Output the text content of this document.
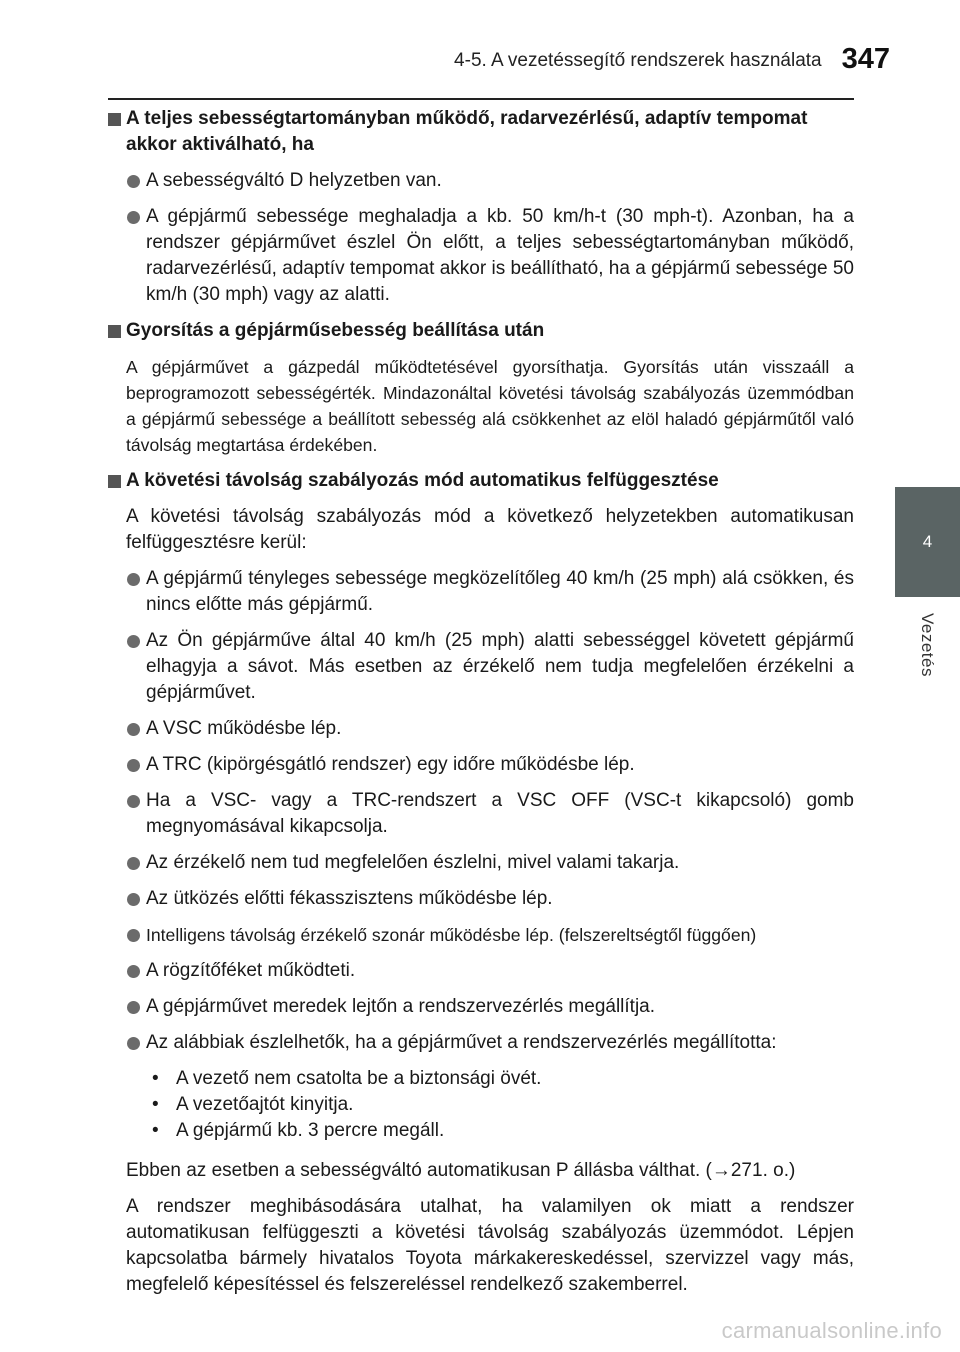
4-5. A vezetéssegítő rendszerek használata 347
4
Vezetés
A teljes sebességtartományban működő, radarvezérlésű, adaptív tempomat akkor aktiválható, ha
A sebességváltó D helyzetben van.
A gépjármű sebessége meghaladja a kb. 50 km/h-t (30 mph-t). Azonban, ha a rendszer gépjárművet észlel Ön előtt, a teljes sebességtartományban működő, radarvezérlésű, adaptív tempomat akkor is beállítható, ha a gépjármű sebessége 50 km/h (30 mph) vagy az alatti.
Gyorsítás a gépjárműsebesség beállítása után
A gépjárművet a gázpedál működtetésével gyorsíthatja. Gyorsítás után visszaáll a beprogramozott sebességérték. Mindazonáltal követési távolság szabályozás üzemmódban a gépjármű sebessége a beállított sebesség alá csökkenhet az elöl haladó gépjárműtől való távolság megtartása érdekében.
A követési távolság szabályozás mód automatikus felfüggesztése
A követési távolság szabályozás mód a következő helyzetekben automatikusan felfüggesztésre kerül:
A gépjármű tényleges sebessége megközelítőleg 40 km/h (25 mph) alá csökken, és nincs előtte más gépjármű.
Az Ön gépjárműve által 40 km/h (25 mph) alatti sebességgel követett gépjármű elhagyja a sávot. Más esetben az érzékelő nem tudja megfelelően érzékelni a gépjárművet.
A VSC működésbe lép.
A TRC (kipörgésgátló rendszer) egy időre működésbe lép.
Ha a VSC- vagy a TRC-rendszert a VSC OFF (VSC-t kikapcsoló) gomb megnyomásával kikapcsolja.
Az érzékelő nem tud megfelelően észlelni, mivel valami takarja.
Az ütközés előtti fékasszisztens működésbe lép.
Intelligens távolság érzékelő szonár működésbe lép. (felszereltségtől függően)
A rögzítőféket működteti.
A gépjárművet meredek lejtőn a rendszervezérlés megállítja.
Az alábbiak észlelhetők, ha a gépjárművet a rendszervezérlés megállította:
• A vezető nem csatolta be a biztonsági övét.
• A vezetőajtót kinyitja.
• A gépjármű kb. 3 percre megáll.
Ebben az esetben a sebességváltó automatikusan P állásba válthat. (→271. o.)
A rendszer meghibásodására utalhat, ha valamilyen ok miatt a rendszer automatikusan felfüggeszti a követési távolság szabályozás üzemmódot. Lépjen kapcsolatba bármely hivatalos Toyota márkakereskedéssel, szervizzel vagy más, megfelelő képesítéssel és felszereléssel rendelkező szakemberrel.
carmanualsonline.info
